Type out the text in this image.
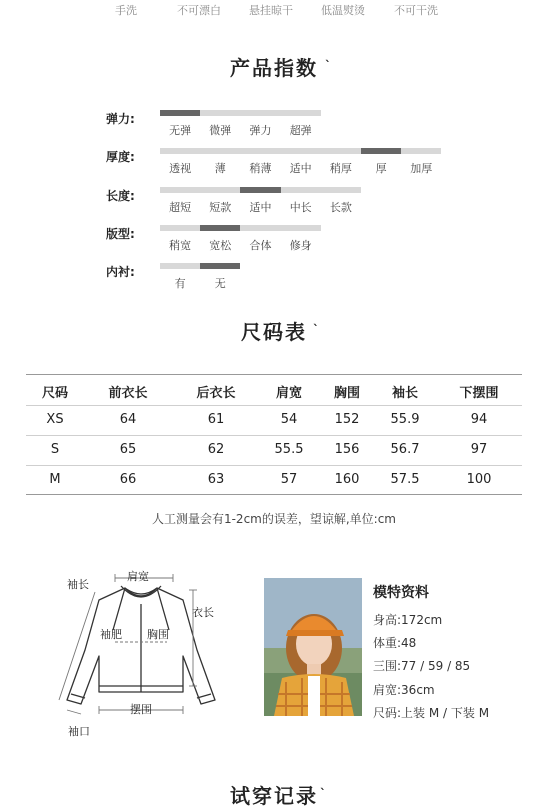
手洗	不可漂白	悬挂晾干	低温熨烫	不可干洗
产品指数
ˎ
弹力:
无弹 微弹 弹力 超弹
厚度:
透视 薄 稍薄 适中 稍厚 厚 加厚
长度:
超短 短款 适中 中长 长款
版型:
稍宽 宽松 合体 修身
内衬:
有	无
尺码表
ˎ
尺码	前衣长	后衣长	肩宽 胸围 袖长	下摆围
XS	64	61	54	152 55.9	94
S	65	62	55.5 156 56.7	97
M	66	63	57	160 57.5	100
人工测量会有1-2cm的误差，望谅解,单位:cm
肩宽
袖长
衣长
袖肥 胸围
摆围
袖口
模特资料
身高:172cm
体重:48
三围:77 / 59 / 85
肩宽:36cm
尺码:上装 M / 下装 M
试穿记录
ˎ
